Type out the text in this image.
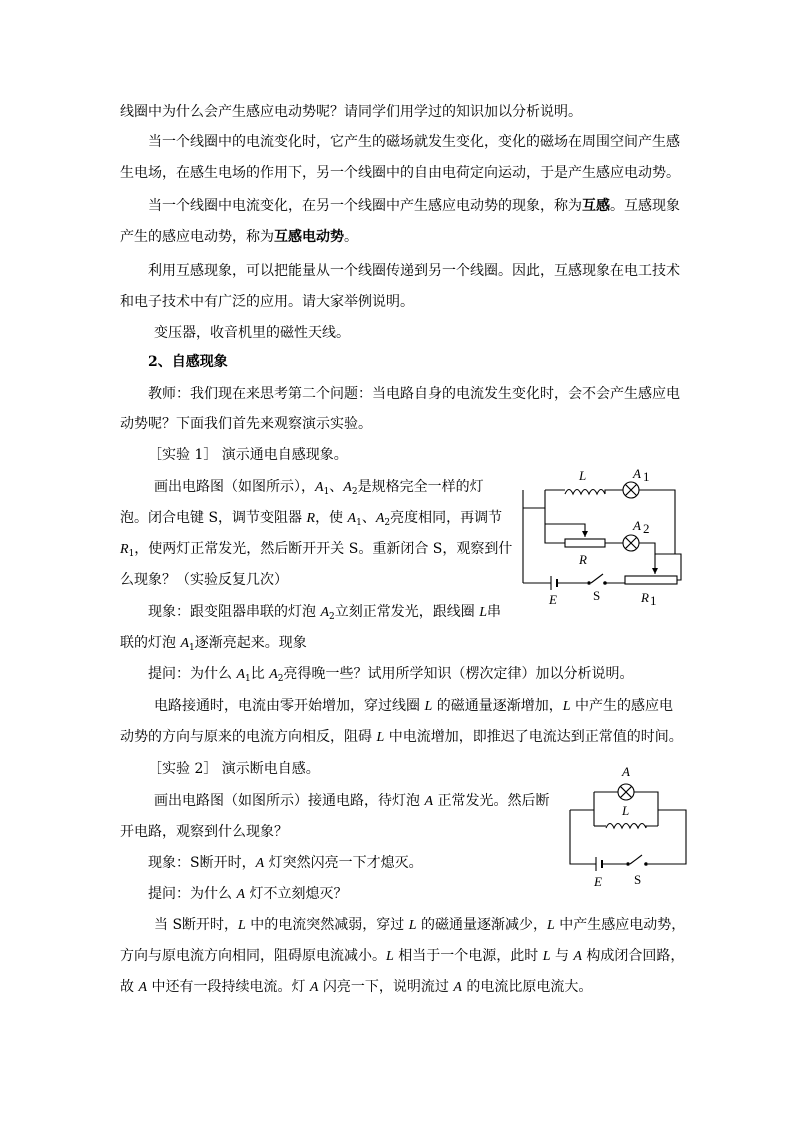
线圈中为什么会产生感应电动势呢？请同学们用学过的知识加以分析说明。
当一个线圈中的电流变化时，它产生的磁场就发生变化，变化的磁场在周围空间产生感
生电场，在感生电场的作用下，另一个线圈中的自由电荷定向运动，于是产生感应电动势。
当一个线圈中电流变化，在另一个线圈中产生感应电动势的现象，称为互感。互感现象
产生的感应电动势，称为互感电动势。
利用互感现象，可以把能量从一个线圈传递到另一个线圈。因此，互感现象在电工技术
和电子技术中有广泛的应用。请大家举例说明。
变压器，收音机里的磁性天线。
2、自感现象
教师：我们现在来思考第二个问题：当电路自身的电流发生变化时，会不会产生感应电
动势呢？下面我们首先来观察演示实验。
［实验 1］ 演示通电自感现象。
画出电路图（如图所示），$A_1$、$A_2$是规格完全一样的灯
泡。闭合电键 S，调节变阻器 R，使 $A_1$、$A_2$亮度相同，再调节
$R_1$，使两灯正常发光，然后断开开关 S。重新闭合 S，观察到什
么现象？（实验反复几次）
现象：跟变阻器串联的灯泡 $A_2$立刻正常发光，跟线圈 L串
联的灯泡 $A_1$逐渐亮起来。现象
提问：为什么 $A_1$比 $A_2$亮得晚一些？试用所学知识（楞次定律）加以分析说明。
电路接通时，电流由零开始增加，穿过线圈 L 的磁通量逐渐增加，L 中产生的感应电
动势的方向与原来的电流方向相反，阻碍 L 中电流增加，即推迟了电流达到正常值的时间。
［实验 2］ 演示断电自感。
画出电路图（如图所示）接通电路，待灯泡 A 正常发光。然后断
开电路，观察到什么现象？
现象：S断开时，A 灯突然闪亮一下才熄灭。
提问：为什么 A 灯不立刻熄灭？
当 S断开时，L 中的电流突然减弱，穿过 L 的磁通量逐渐减少，L 中产生感应电动势，
方向与原电流方向相同，阻碍原电流减小。L 相当于一个电源，此时 L 与 A 构成闭合回路，
故 A 中还有一段持续电流。灯 A 闪亮一下，说明流过 A 的电流比原电流大。
L	A 1
A 2
R
E	S	R 1
A
L
E S
